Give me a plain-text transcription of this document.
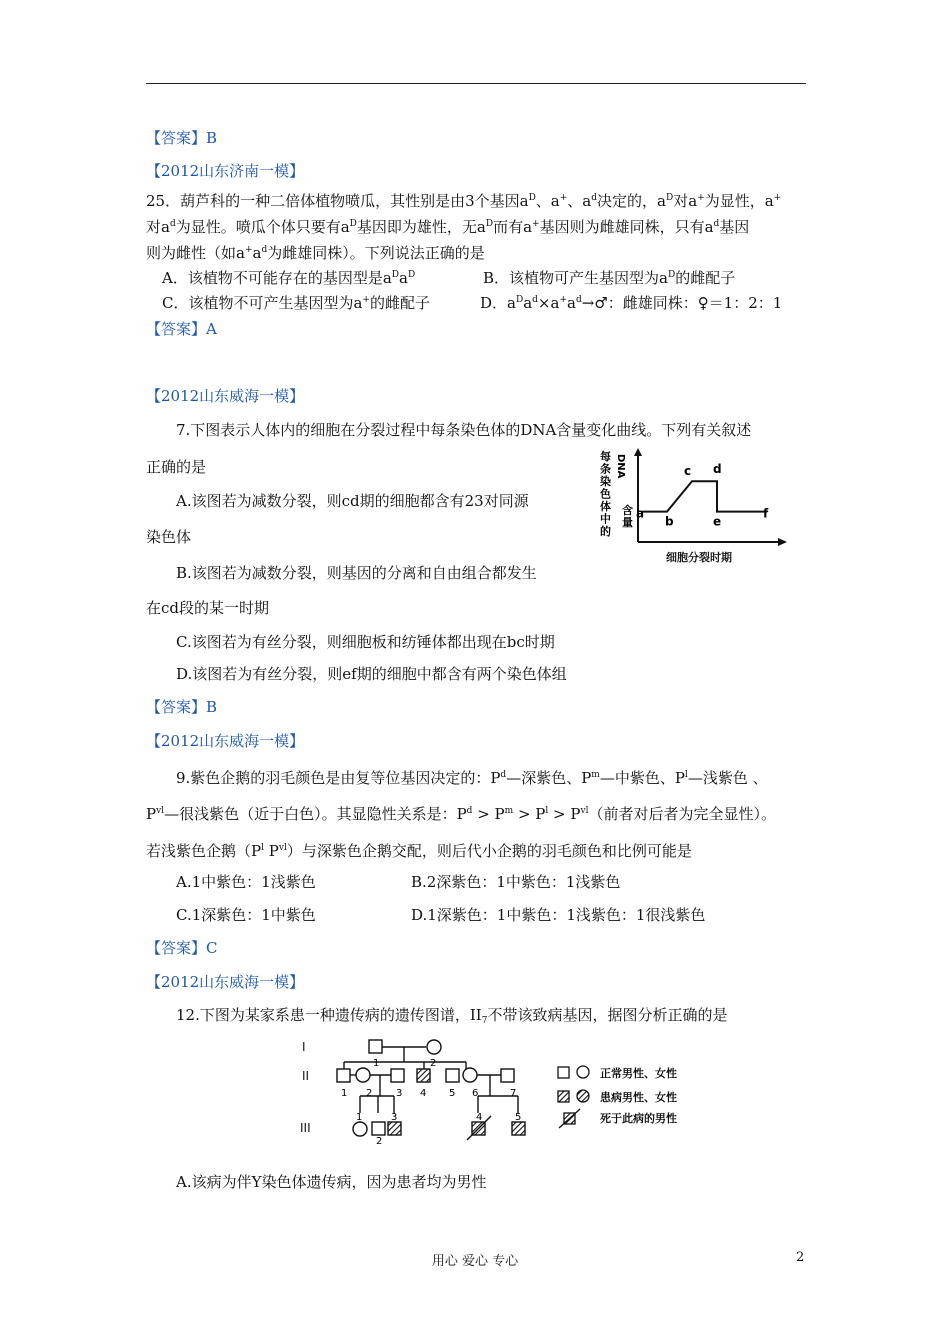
【答案】B
【2012山东济南一模】
25．葫芦科的一种二倍体植物喷瓜，其性别是由3个基因$a^D$、a+、$a^d$决定的，$a^D$对a+为显性，a+
对$a^d$为显性。喷瓜个体只要有$a^D$基因即为雄性，无$a^D$而有a+基因则为雌雄同株，只有$a^d$基因
则为雌性（如$a^+a^d$为雌雄同株）。下列说法正确的是
A．该植物不可能存在的基因型是$a^Da^D$	B．该植物可产生基因型为$a^D$的雌配子
C．该植物不可产生基因型为a+的雌配子	D．$a^Da^d\times a^+a^d\to♂$：雌雄同株：♀＝1：2：1
【答案】A
【2012山东威海一模】
7.下图表示人体内的细胞在分裂过程中每条染色体的DNA含量变化曲线。下列有关叙述
正确的是
A.该图若为减数分裂，则cd期的细胞都含有23对同源
染色体
B.该图若为减数分裂，则基因的分离和自由组合都发生
在cd段的某一时期
C.该图若为有丝分裂，则细胞板和纺锤体都出现在bc时期
D.该图若为有丝分裂，则ef期的细胞中都含有两个染色体组
每
条
染
色
体
中
的
DNA
含
量
a
b
c d
e
f
细胞分裂时期
【答案】B
【2012山东威海一模】
9.紫色企鹅的羽毛颜色是由复等位基因决定的：$P^d—$深紫色、$P^m—$中紫色、$P^l—$浅紫色 、
$P^{vl}—$很浅紫色（近于白色）。其显隐性关系是：$P^d > P^m > P^l > P^{vl}$（前者对后者为完全显性）。
若浅紫色企鹅（$P^l$ $P^{vl}$）与深紫色企鹅交配，则后代小企鹅的羽毛颜色和比例可能是
A.1中紫色：1浅紫色	B.2深紫色：1中紫色：1浅紫色
C.1深紫色：1中紫色	D.1深紫色：1中紫色：1浅紫色：1很浅紫色
【答案】C
【2012山东威海一模】
12.下图为某家系患一种遗传病的遗传图谱，$II_7$不带该致病基因，据图分析正确的是
I
II
III
1	2
1 2 3 4 5 6	7
1
2
3	4	5
正常男性、女性
患病男性、女性
死于此病的男性
A.该病为伴Y染色体遗传病，因为患者均为男性
用心 爱心 专心	2
